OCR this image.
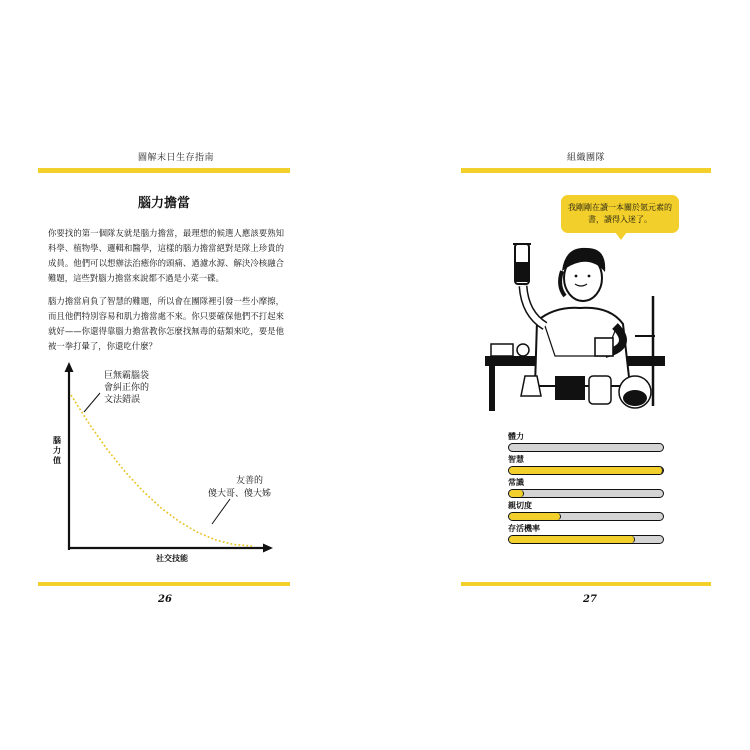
圖解末日生存指南
腦力擔當

你要找的第一個隊友就是腦力擔當，最理想的候選人應該要熟知科學、植物學、邏輯和醫學，這樣的腦力擔當絕對是隊上珍貴的成員。他們可以想辦法治癒你的頭痛、過濾水源、解決冷核融合難題，這些對腦力擔當來說都不過是小菜一碟。

腦力擔當肩負了智慧的難題，所以會在團隊裡引發一些小摩擦，而且他們特別容易和肌力擔當處不來。你只要確保他們不打起來就好——你還得靠腦力擔當教你怎麼找無毒的菇類來吃，要是他被一拳打暈了，你還吃什麼？

社交技能
腦力值
巨無霸腦袋 會糾正你的 文法錯誤
友善的 傻大哥、傻大姊
26
組織團隊
我剛剛在讀一本關於氪元素的書，讀得入迷了。
體力
智慧
常識
親切度
存活機率
27
